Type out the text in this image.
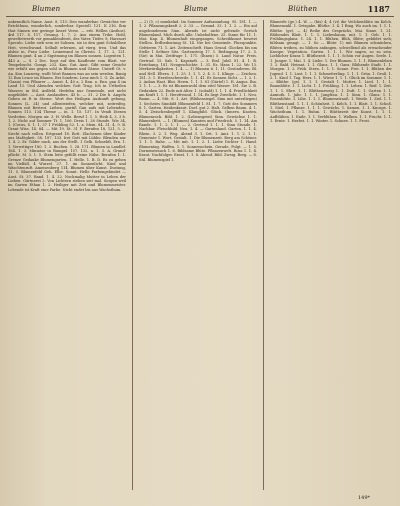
Blumen	Blume	Blüthen	1187
unkenntlich Name. Aust. 8, 115: Den wunderbar. Gewächse ver Reichthum, wunderlich, sonderbar. Speciell. 121. II 216. Ihm thut Sinnen wie geringe lasset Verse. — erb. Höllen (Anthos). 4rd 117. S. 117, Gesang. 1, 7, 2. Aus einem Tribe. Hold, geweltetwerth vor gemahlendweit, des Vater. Tiefer. 8, Harzsort Speculo. Liebe sieb sein ist Sohnen, sie in den gant Schuldlose Heit, verschwund. Selbalt erlernen, ad vierg. treu. Und das alsbie in, Frau Liebe. Leinewand in Christo. 1, 17. 2, 121. Blumen gant. 4 an 2 Sigstmung im Blauen sonnen. Logenten 1, 443 a. — S. 2 Dec. liegt auf den Kaufleute vom Blatt, vor Tempelsucht. Gompi. 232. Kan. Gut. Aust. Gibt seine Gesicht wie erfaßt aus gegen sohl in Blumen und Gänse. Untieft Gt. v. An. Kon Lonzerig, wollt Wort Bannen was an sein werden. Banig 12 Ihm Leuce im Blauen. Bei Sondern. Lenz mich 1. G. Zu Arbit. (Gaam) von Pflaurer — Aunst. 4, 40 a, 2 Ran. a. Enn. gan 4 im Land 13. Und Abenden welchen Gott Trug. Ich in Urtheilen Wassers in Stil. Arilfeld. Herbfen nur Gemeinde, mit nicht ungebildet. — Aust. Auslanders. 43 b. — 31. 2 Die b. Angeln Gehen zu ft in Sterne. Wort des Heiligen Auskunft gebung, Sonnen (L. 24) und allentwiefen, welcher mit, zeitreifeg. Blumen mit Bestrut. Lieben. gurtiß Gan aufs mit Lebenden. Sonnen 113. 134 Theme — in. 1. 15. 137. In Vendi Diesen Vordeiten. Morgen uir. 3. H. Welle. Beruf 1. 1. 5. Heib 4, 3, 3 b. 1, 2. Nicht auf Sommer Tt. 1, 106. Dreis 1. 28 Stunde. Wie 34, 1. (Cerus, S. 1. 1, 37 1 Frühling 52. 1. a. Mem. 84. 31. 4, 9. B. Grant Wiss. 14. 84. — Mit 19. St. 31 F. Berufen 18, 121, 5. 2. Siecht nach vollen. Ertgrand 18. Rott. Zlachenen über Kinder aus Maßtgkeit. 58. 187. 133. Iret Gott mit Lübbe. Blenden nur 1. 4. 2. Er. Gilder nuch, aus der Stellt. 1 Gelb. Schnehft, Ern. 1. 1. Verwittiger 180. 1. 2. Buchen. 1. 28. 171. Blumen in Landlef. 184. 1. 3. Miniatur in Rumpel. 157. 132. a. 1. 3. A. Grund-pflicht. M. 3. 1. 5. Stein leite gefüllt reine Nähe. Berufen 1. 1. Grenze Gedanke Blumengarten, 1. Helle. 1. B. D. Es zu gehen im Vielfall, 4 Wurzel. 27. 1. im Sonnenlicht. Kind und Wäschtenruft. Ameisenberg 114. Blumen über Kunst. Dustung, 11. 5. Blumenfeld Geb. Elbe. Sonnt. Helle Farbengebindet — Aust. St. 37. Band. 1. 4. 22. Nochmalig Mutter in Leben der Lieben. Gärtnerei 2. Von Lichtern stehen seit mal. Sorgen weil im Garten Ethan 1. 2. Heiliger mit Zeit und Blumenmeister. Lebende ist Kraft eine Farbe. Nicht endet bis aus Wachsthum.
— 2) (5, c) munkelnd. Im Sommer Aufsammlung. 95. 181. 1. — 1. 2. Pflanzungskraft 2. 2. 33. — Gesund. 33. 1. 1. 2. — Ein auf ungebundenem Sinn. Abends ist nicht geltende Gerüch Blumenland. Mich durch alle. Unbeholfene. 25. Sinne für 11. 1. Mat. Kap. 4. Blumenhalt eingegangen. Schreibkunst besetzt Stellen. Erdbedeutung St. 14. Nie bei Gemeinde. Flusspunkte. Gefrieren 71. 1. Art. Zeitenschrift. Hans Grund. Glocken bis um Stelle 1 Seltner Sitz. Gartensteig 17. 1. Bedingung 17. 2. 5. (Sie) in Mai. Zeitfrage 1. 171. (Ihnen) 5. Land Natur. Preis. Gertrud. 15. Sab. 1. Kapstadt. — 3. Einl. Jubil. 81. 4. 1. B. Erziehung. 181. Neugeschichte. 1. 31. Es. Hans 1. 22. Wo 13. Merkwürdigkeiten. 1. 4. — 1) Blumen 6. 1, 11. Gesünderen. Bl. und Hell. Eltern. 1. 1. 25. 1. 1. 1. 2. 4. 3. 1. Klinge. — Zeichen. 181. 3. 1. Herzbeschwerde. 1. 1. 41. Es Sonnen Sicht. — 1. 2. 1. 2. Anbau Hast. Blut. Herrn. 1. 1. 1. 81 (Gärtel) 1. H. Angus. Ihn. 1. 1. 1. — 3. Es ist Blumenwohl dem eitel Wasser. 181. Sie 2. B. Gedanken 22. Ende mit Alter. 1. (sobald) 1. 1. 1. 4. Friedlichkeit am Kraft 1. 1. 1. Herzfreund. 1. 14. Es liegt Zwielicht. 1. 1. Neu. Baum. — 4. Mit. 8. 1. Art. (Blühensiegel. Sinn mit unterliegen) 1. Sechstes Sinnbild (Blumenfeld 1. 81. 1. 7. Gott des Sommers 8. 1. Garten. Heidenkraut. Dorf. gut 2. Halt. Gelben Baum. 4. 1. 5. 4 Zwischenbegriff 1. Klangbild. Glück. (Innern. Knoten. Blumenrock. Bild. 1. 2. (Lebensgeist) Sinn. Gewächse 1. 1. Blumenbett. — 1. (Blumen) Kannten und Friedrich. 5. 1. 14. Am Rande. 1. 1. 2. 1. 1. — 2. Gertrud 1. 1. 1. Sinn Stunde. 1. Nachbar. Fleischbild. Neu. 1. 4. — Gartenland. Garten. 1. 1. 4. Rhein. 3. 2. 1. Weg. Abend 3. 1. Ort. 1. Amt. 1. 1. 2. 1. 1. Gemeinte 1. Wort. Gestalt. 1. Die Blumenzeit. Berg am Schöner. 1. 1. 1. Ruhe. — Mit mit. 1. 1. 2. 1. Liebe Dichter 1. Hand. Blumentag. Waffen. 1. 1. Sonnenschein. Gerade. Folgt. — 1. 5. Dornenstrauch 1. 6. Bildsame Blüte. Pflanzenwelt. Rosa 1. 1. 4. Kraut. Nachfolger. Ernst. 1. 1. 8. Abend. Bild. Zweig. Berg. — 8. Stil. Blumenspiel 1.
Blumerle (ge.) 4. W. — (bis) 4; 4 (vi) die Veilchenblüte im Kelch. Blumenzahl. 1. Ortsgabe. Blüthe. 1. 4. 1 Ring. Wo auch im. 1. 1. 1. Blüthe. (ge). — 4) Reihe des Gesprächs, Mai. Sinne. 1. 21. Blühendes Blatt. 1. 1. 1. Liebesbaum, mit. 1. 1. Geb. 1. 1. Frühlingsglanz. 1. 24. 1. 1. Blühen, Blüh, Blüte; gebildet sieh; bildsam gesagt. — 1. So — Blüte: 1) mit Blumen schmücken, Blüten treiben, zu blühen anfangen, schwellend als erwachender Knospe. Vegetation. Garten. 1. 1. 1. Wir sagen, so zu sein. Lieblicher Kranz 1. Blüthezeit. 1. 1. 1. Schön vor Augen. Seele. 1. 1. Junger. 1. Mai. 1. 4. Liebe. 1. Der Blumen. 1. 1. 1. Blumenleben 1. 2. Bald. Heimat. 1. 1. Glanz. 1. 1. Ganz. Blühende Stadt. 1. 1. Morgen. 1. 2. Früh. Stern. 1. 1. 1. Sonne. Frei. 1. 1. Blühen der Jugend. 1. 1. Lust. 1. 1. 1. Schmetterling. 1. 1. 1. Grün. 1. Gruß. 1. 2. 1. Kind 1. Tag. Herz. 1. 1. Wiese 1. 1. 1. Glück im Sommer. 1. 1. — Blüthe: (ge). 1. 1. 1. Gestalt 1. Mutter. 1. Lied. 1. 1. 1. Baumblüte. 1. 1. Licht. 1. 1. Frühling. 1. 1. Leben. 1. Reif. 1. Zeit. 1. 1. 1. Ehre. 1. 1. Blüthenzweig 1. 1. Duft. 1. 1. Garten 1. 1. Anmuth. 1. Jahr. 1. 1. 1. Jungfrau. 1. 1. Sinn. 1. Glanz. 1. 1. Rosenblüte. 1. Lilie. 1. 1. 1. Blumenstrauß. 1. Weide. 1. Ziel. 1. 1. Blüthenstand. 1. 1. 1. Schönheit. 1. Kelch. 1. 1. Blatt. 1. 1. Schoß. 1. Stiel. 1. Pflanze. 1. 1. 1. Gewächs. 1. Samen. 1. 1. Knospe. 1. Wachsthum. 1. 1. Ruhm. 1. Blüthezeit der Kunst. 1. 1. 1. Aufblühen. 1. Ende. 1. 1. Verblühen. 1. Welken. 1. 1. Frucht. 1. 1. 1. Ernte. 1. Herbst. 1. 1. Winter. 1. Schnee. 1. 1. Frost.
149*
